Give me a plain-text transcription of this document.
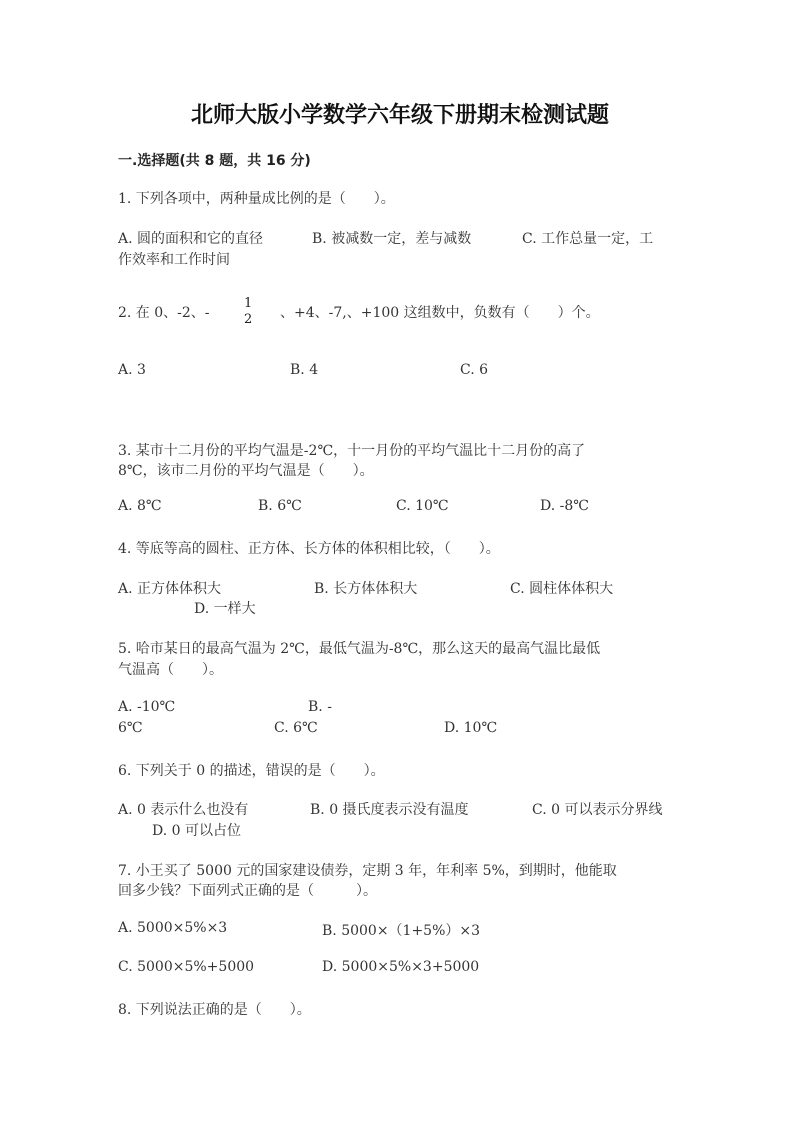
北师大版小学数学六年级下册期末检测试题
一.选择题(共 8 题，共 16 分)
1. 下列各项中，两种量成比例的是（　　）。
A. 圆的面积和它的直径	B. 被减数一定，差与减数	C. 工作总量一定，工
作效率和工作时间
2. 在 0、-2、-
1
2 、+4、-7,、+100 这组数中，负数有（　　）个。
A. 3	B. 4	C. 6
3. 某市十二月份的平均气温是-2℃，十一月份的平均气温比十二月份的高了
8℃，该市二月份的平均气温是（　　）。
A. 8℃	B. 6℃	C. 10℃	D. -8℃
4. 等底等高的圆柱、正方体、长方体的体积相比较，（　　）。
A. 正方体体积大	B. 长方体体积大	C. 圆柱体体积大
D. 一样大
5. 哈市某日的最高气温为 2℃，最低气温为-8℃，那么这天的最高气温比最低
气温高（　　）。
A. -10℃	B. -
6℃	C. 6℃	D. 10℃
6. 下列关于 0 的描述，错误的是（　　）。
A. 0 表示什么也没有	B. 0 摄氏度表示没有温度	C. 0 可以表示分界线
D. 0 可以占位
7. 小王买了 5000 元的国家建设债券，定期 3 年，年利率 5%，到期时，他能取
回多少钱？下面列式正确的是（　　　）。
A. 5000×5%×3	B. 5000×（1+5%）×3
C. 5000×5%+5000	D. 5000×5%×3+5000
8. 下列说法正确的是（　　）。
